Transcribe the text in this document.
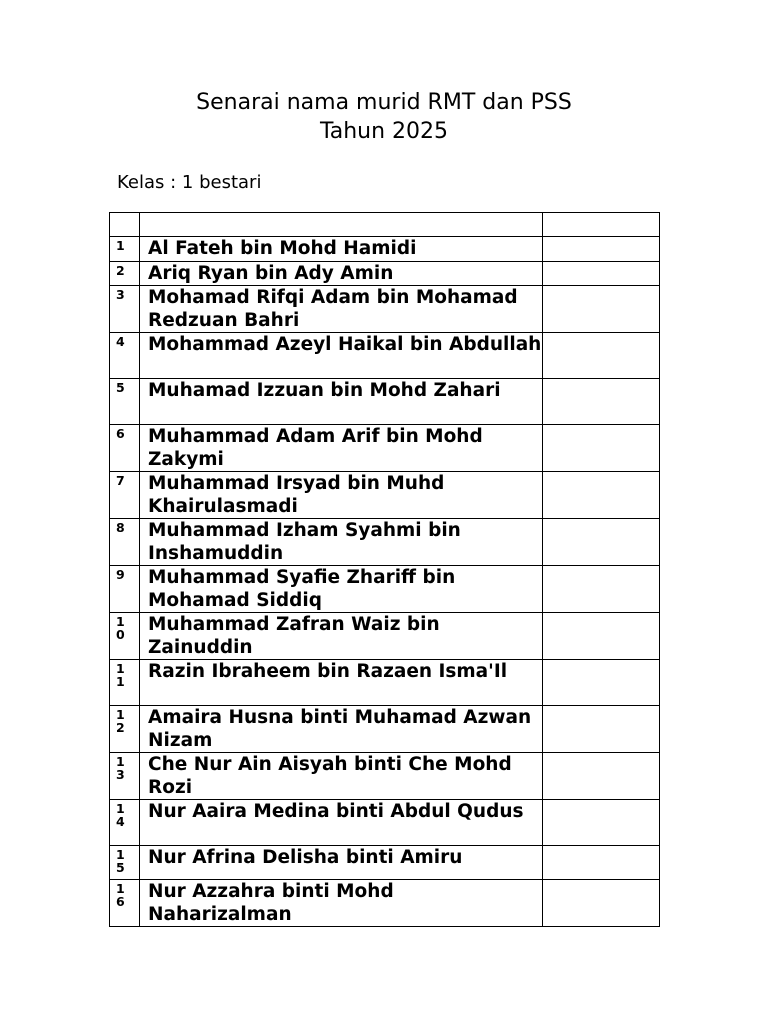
Senarai nama murid RMT dan PSS
Tahun 2025
Kelas : 1 bestari

1	Al Fateh bin Mohd Hamidi	

2	Ariq Ryan bin Ady Amin	

3	Mohamad Rifqi Adam bin Mohamad Redzuan Bahri	

4	Mohammad Azeyl Haikal bin Abdullah	

5	Muhamad Izzuan bin Mohd Zahari	

6	Muhammad Adam Arif bin Mohd Zakymi	

7	Muhammad Irsyad bin Muhd Khairulasmadi	

8	Muhammad Izham Syahmi bin Inshamuddin	

9	Muhammad Syafie Zhariff bin Mohamad Siddiq	

10	Muhammad Zafran Waiz bin Zainuddin	

11	Razin Ibraheem bin Razaen Isma'Il	

12	Amaira Husna binti Muhamad Azwan Nizam	

13	Che Nur Ain Aisyah binti Che Mohd Rozi	

14	Nur Aaira Medina binti Abdul Qudus	

15	Nur Afrina Delisha binti Amiru	

16	Nur Azzahra binti Mohd Naharizalman	
